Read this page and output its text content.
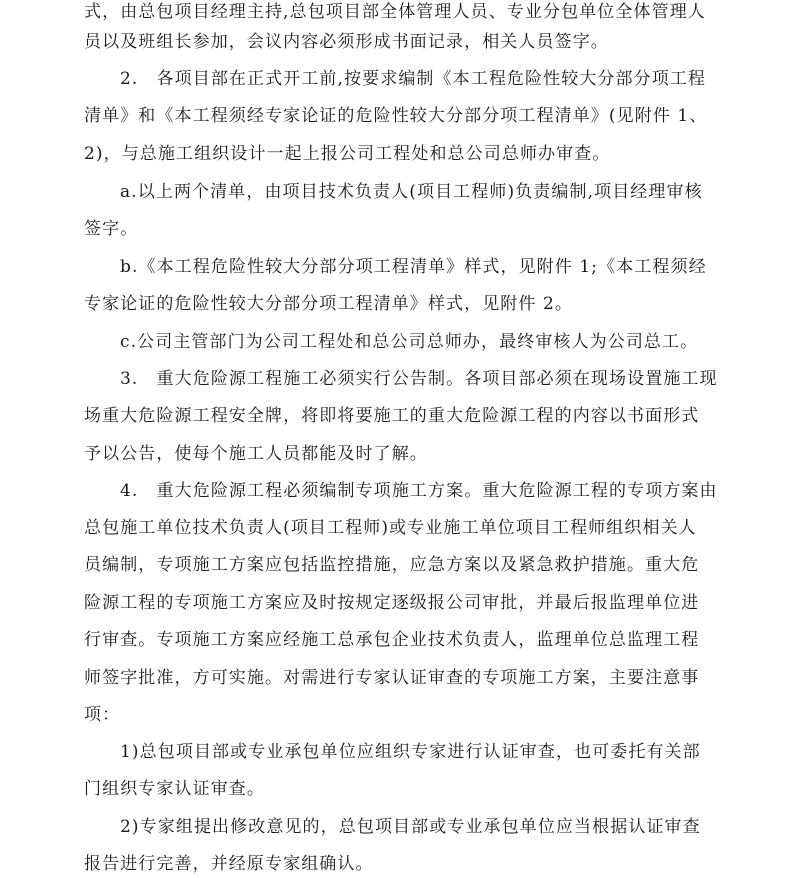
式，由总包项目经理主持,总包项目部全体管理人员、专业分包单位全体管理人
员以及班组长参加，会议内容必须形成书面记录，相关人员签字。
2.　各项目部在正式开工前,按要求编制《本工程危险性较大分部分项工程
清单》和《本工程须经专家论证的危险性较大分部分项工程清单》(见附件 1、
2)，与总施工组织设计一起上报公司工程处和总公司总师办审查。
a.以上两个清单，由项目技术负责人(项目工程师)负责编制,项目经理审核
签字。
b.《本工程危险性较大分部分项工程清单》样式，见附件 1;《本工程须经
专家论证的危险性较大分部分项工程清单》样式，见附件 2。
c.公司主管部门为公司工程处和总公司总师办，最终审核人为公司总工。
3.　重大危险源工程施工必须实行公告制。各项目部必须在现场设置施工现
场重大危险源工程安全牌，将即将要施工的重大危险源工程的内容以书面形式
予以公告，使每个施工人员都能及时了解。
4.　重大危险源工程必须编制专项施工方案。重大危险源工程的专项方案由
总包施工单位技术负责人(项目工程师)或专业施工单位项目工程师组织相关人
员编制，专项施工方案应包括监控措施，应急方案以及紧急救护措施。重大危
险源工程的专项施工方案应及时按规定逐级报公司审批，并最后报监理单位进
行审查。专项施工方案应经施工总承包企业技术负责人，监理单位总监理工程
师签字批准，方可实施。对需进行专家认证审查的专项施工方案，主要注意事
项：
1)总包项目部或专业承包单位应组织专家进行认证审查，也可委托有关部
门组织专家认证审查。
2)专家组提出修改意见的，总包项目部或专业承包单位应当根据认证审查
报告进行完善，并经原专家组确认。
